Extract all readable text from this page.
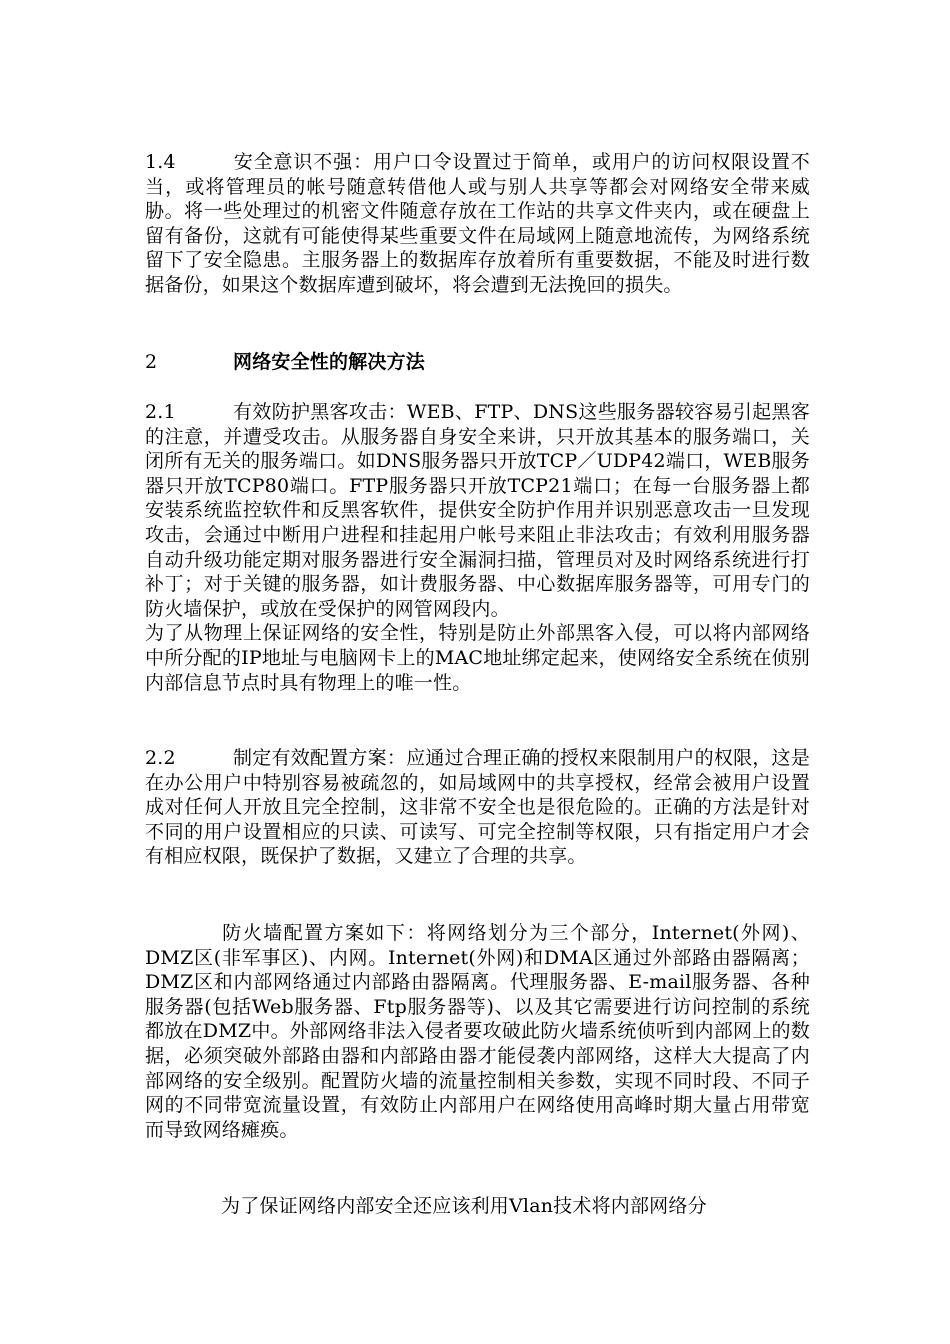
1.4	安全意识不强：用户口令设置过于简单，或用户的访问权限设置不当，或将管理员的帐号随意转借他人或与别人共享等都会对网络安全带来威胁。将一些处理过的机密文件随意存放在工作站的共享文件夹内，或在硬盘上留有备份，这就有可能使得某些重要文件在局域网上随意地流传，为网络系统留下了安全隐患。主服务器上的数据库存放着所有重要数据，不能及时进行数据备份，如果这个数据库遭到破坏，将会遭到无法挽回的损失。
2	网络安全性的解决方法
2.1	有效防护黑客攻击：WEB、FTP、DNS这些服务器较容易引起黑客的注意，并遭受攻击。从服务器自身安全来讲，只开放其基本的服务端口，关闭所有无关的服务端口。如DNS服务器只开放TCP／UDP42端口，WEB服务器只开放TCP80端口。FTP服务器只开放TCP21端口；在每一台服务器上都安装系统监控软件和反黑客软件，提供安全防护作用并识别恶意攻击一旦发现攻击，会通过中断用户进程和挂起用户帐号来阻止非法攻击；有效利用服务器自动升级功能定期对服务器进行安全漏洞扫描，管理员对及时网络系统进行打补丁；对于关键的服务器，如计费服务器、中心数据库服务器等，可用专门的防火墙保护，或放在受保护的网管网段内。
为了从物理上保证网络的安全性，特别是防止外部黑客入侵，可以将内部网络中所分配的IP地址与电脑网卡上的MAC地址绑定起来，使网络安全系统在侦别内部信息节点时具有物理上的唯一性。
2.2	制定有效配置方案：应通过合理正确的授权来限制用户的权限，这是在办公用户中特别容易被疏忽的，如局域网中的共享授权，经常会被用户设置成对任何人开放且完全控制，这非常不安全也是很危险的。正确的方法是针对不同的用户设置相应的只读、可读写、可完全控制等权限，只有指定用户才会有相应权限，既保护了数据，又建立了合理的共享。
防火墙配置方案如下：将网络划分为三个部分，Internet(外网)、DMZ区(非军事区)、内网。Internet(外网)和DMA区通过外部路由器隔离；DMZ区和内部网络通过内部路由器隔离。代理服务器、E-mail服务器、各种服务器(包括Web服务器、Ftp服务器等)、以及其它需要进行访问控制的系统都放在DMZ中。外部网络非法入侵者要攻破此防火墙系统侦听到内部网上的数据，必须突破外部路由器和内部路由器才能侵袭内部网络，这样大大提高了内部网络的安全级别。配置防火墙的流量控制相关参数，实现不同时段、不同子网的不同带宽流量设置，有效防止内部用户在网络使用高峰时期大量占用带宽而导致网络瘫痪。
为了保证网络内部安全还应该利用Vlan技术将内部网络分
